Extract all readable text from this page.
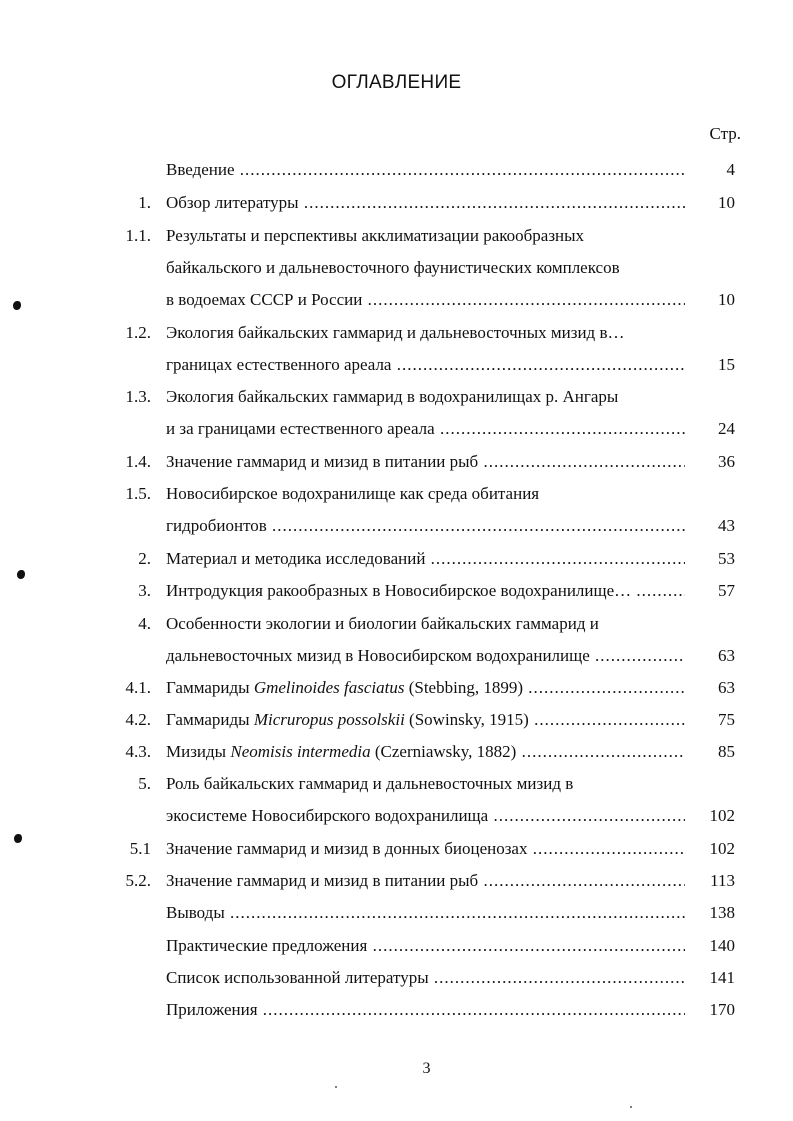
ОГЛАВЛЕНИЕ
Стр.
Введение .....	4
1. Обзор литературы .....	10
1.1. Результаты и перспективы акклиматизации ракообразных
байкальского и дальневосточного фаунистических комплексов
в водоемах СССР и России .....	10
1.2. Экология байкальских гаммарид и дальневосточных мизид в…
границах естественного ареала .....	15
1.3. Экология байкальских гаммарид в водохранилищах р. Ангары
и за границами естественного ареала .....	24
1.4. Значение гаммарид и мизид в питании рыб .....	36
1.5. Новосибирское водохранилище как среда обитания
гидробионтов .....	43
2. Материал и методика исследований .....	53
3. Интродукция ракообразных в Новосибирское водохранилище… .....	57
4. Особенности экологии и биологии байкальских гаммарид и
дальневосточных мизид в Новосибирском водохранилище .....	63
4.1. Гаммариды Gmelinoides fasciatus (Stebbing, 1899) .....	63
4.2. Гаммариды Micruropus possolskii (Sowinsky, 1915) .....	75
4.3. Мизиды Neomisis intermedia (Czerniawsky, 1882) .....	85
5. Роль байкальских гаммарид и дальневосточных мизид в
экосистеме Новосибирского водохранилища .....	102
5.1 Значение гаммарид и мизид в донных биоценозах .....	102
5.2. Значение гаммарид и мизид в питании рыб .....	113
Выводы .....	138
Практические предложения .....	140
Список использованной литературы .....	141
Приложения .....	170
3
